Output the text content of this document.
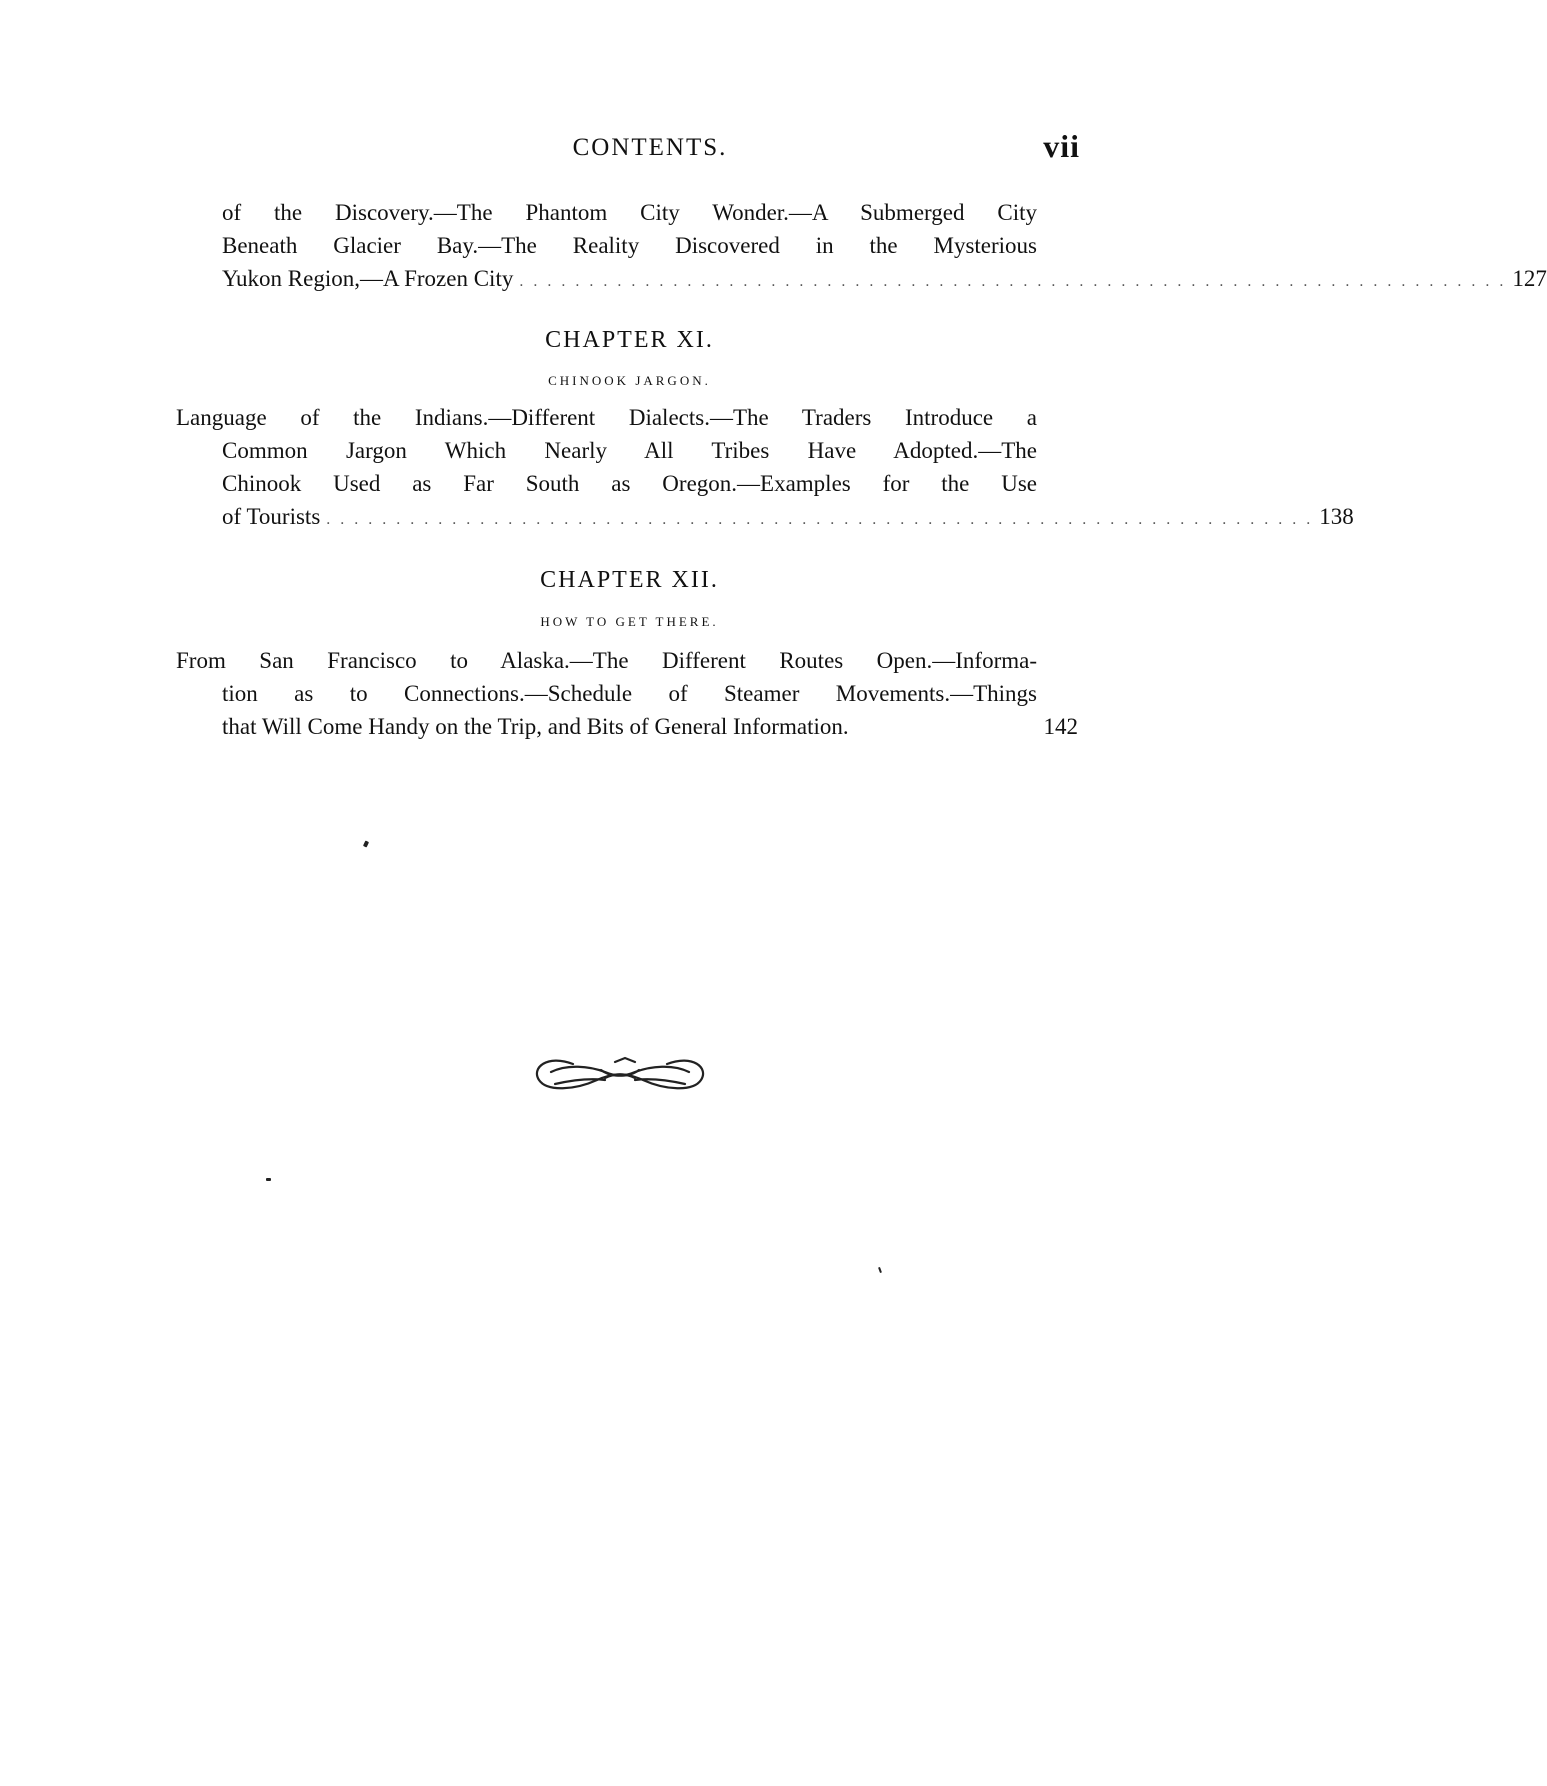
CONTENTS.	vii
of the Discovery.—The Phantom City Wonder.—A Submerged City
Beneath Glacier Bay.—The Reality Discovered in the Mysterious
Yukon Region,—A Frozen City . . . . . . . . . . . . . . . . . . . . . . . . . . . . . . . . . . . . . . . . . . . . . . . . . . . . . . . . . . . . . . . . . . . . . . . 127
CHAPTER XI.
CHINOOK JARGON.
Language of the Indians.—Different Dialects.—The Traders Introduce a
Common Jargon Which Nearly All Tribes Have Adopted.—The
Chinook Used as Far South as Oregon.—Examples for the Use
of Tourists . . . . . . . . . . . . . . . . . . . . . . . . . . . . . . . . . . . . . . . . . . . . . . . . . . . . . . . . . . . . . . . . . . . . . . . 138
CHAPTER XII.
HOW TO GET THERE.
From San Francisco to Alaska.—The Different Routes Open.—Informa-
tion as to Connections.—Schedule of Steamer Movements.—Things
that Will Come Handy on the Trip, and Bits of General Information.	142
